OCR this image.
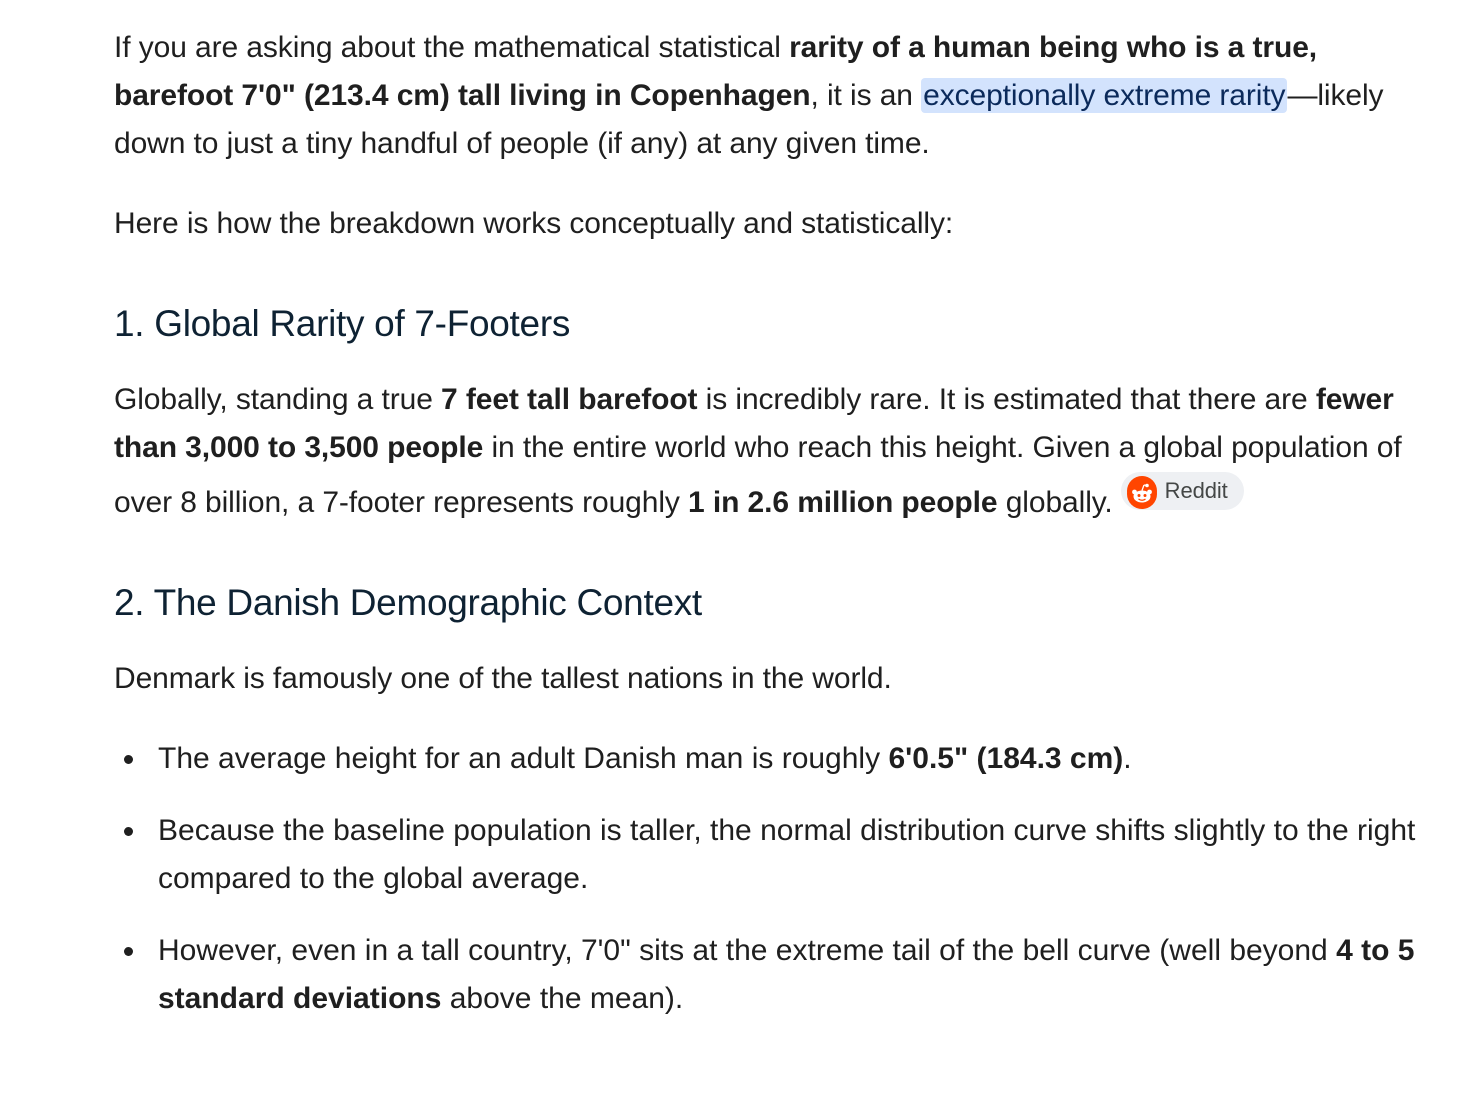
If you are asking about the mathematical statistical rarity of a human being who is a true, barefoot 7'0" (213.4 cm) tall living in Copenhagen, it is an exceptionally extreme rarity—likely down to just a tiny handful of people (if any) at any given time.

Here is how the breakdown works conceptually and statistically:

1. Global Rarity of 7-Footers

Globally, standing a true 7 feet tall barefoot is incredibly rare. It is estimated that there are fewer than 3,000 to 3,500 people in the entire world who reach this height. Given a global population of over 8 billion, a 7-footer represents roughly 1 in 2.6 million people globally. Reddit

2. The Danish Demographic Context

Denmark is famously one of the tallest nations in the world.

The average height for an adult Danish man is roughly 6'0.5" (184.3 cm).
Because the baseline population is taller, the normal distribution curve shifts slightly to the right compared to the global average.
However, even in a tall country, 7'0" sits at the extreme tail of the bell curve (well beyond 4 to 5 standard deviations above the mean).
